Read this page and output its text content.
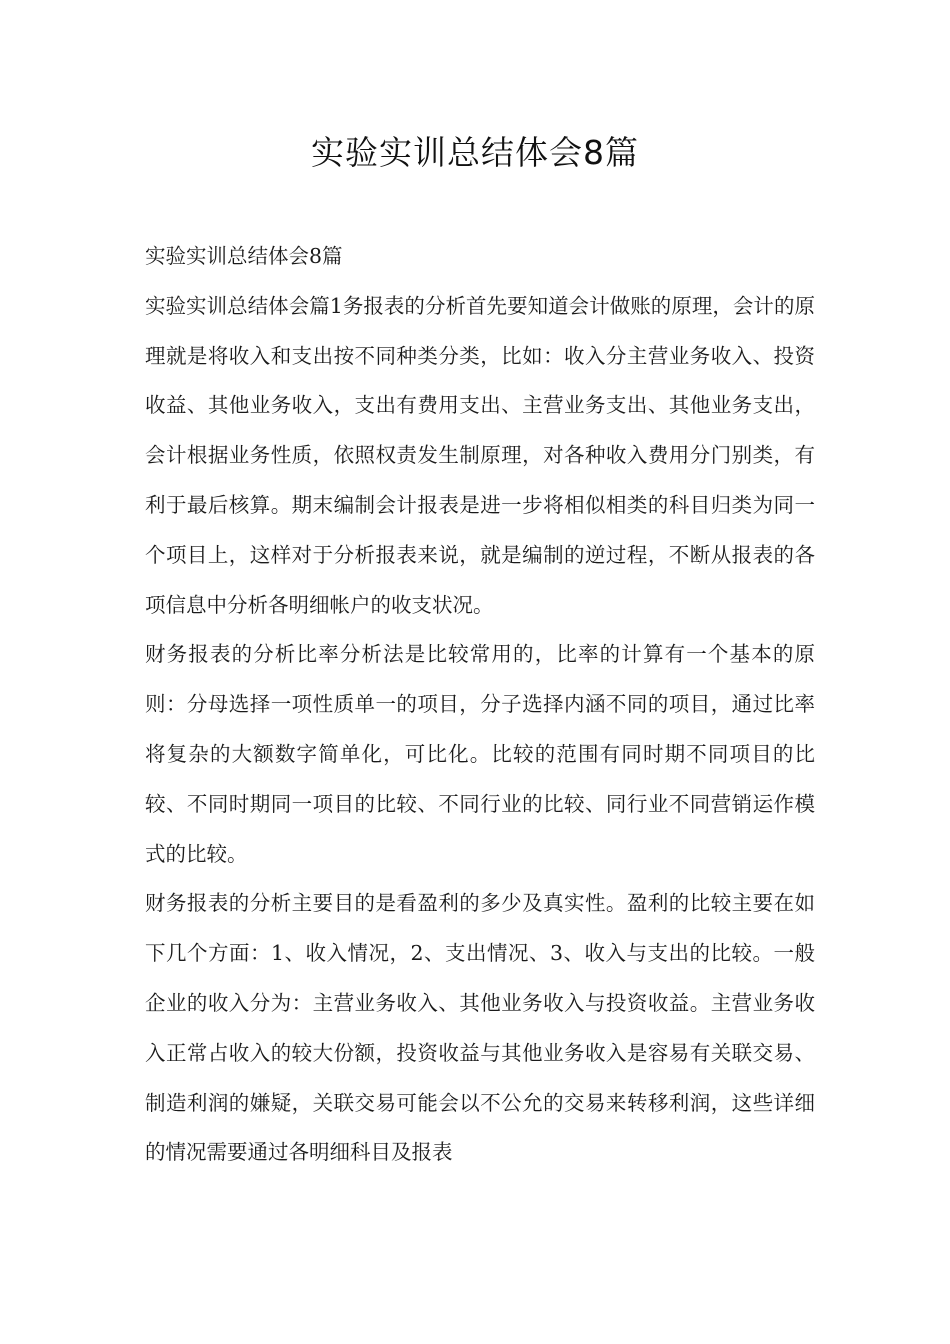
实验实训总结体会8篇

实验实训总结体会8篇

实验实训总结体会篇1务报表的分析首先要知道会计做账的原理，会计的原理就是将收入和支出按不同种类分类，比如：收入分主营业务收入、投资收益、其他业务收入，支出有费用支出、主营业务支出、其他业务支出，会计根据业务性质，依照权责发生制原理，对各种收入费用分门别类，有利于最后核算。期末编制会计报表是进一步将相似相类的科目归类为同一个项目上，这样对于分析报表来说，就是编制的逆过程，不断从报表的各项信息中分析各明细帐户的收支状况。

财务报表的分析比率分析法是比较常用的，比率的计算有一个基本的原则：分母选择一项性质单一的项目，分子选择内涵不同的项目，通过比率将复杂的大额数字简单化，可比化。比较的范围有同时期不同项目的比较、不同时期同一项目的比较、不同行业的比较、同行业不同营销运作模式的比较。

财务报表的分析主要目的是看盈利的多少及真实性。盈利的比较主要在如下几个方面：1、收入情况，2、支出情况、3、收入与支出的比较。一般企业的收入分为：主营业务收入、其他业务收入与投资收益。主营业务收入正常占收入的较大份额，投资收益与其他业务收入是容易有关联交易、制造利润的嫌疑，关联交易可能会以不公允的交易来转移利润，这些详细的情况需要通过各明细科目及报表
